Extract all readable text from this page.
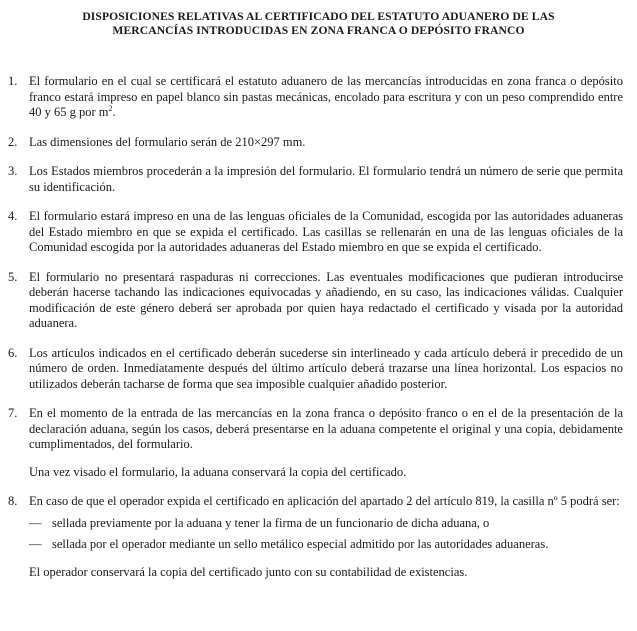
DISPOSICIONES RELATIVAS AL CERTIFICADO DEL ESTATUTO ADUANERO DE LAS
MERCANCÍAS INTRODUCIDAS EN ZONA FRANCA O DEPÓSITO FRANCO
1. El formulario en el cual se certificará el estatuto aduanero de las mercancías introducidas en zona franca o depósito franco estará impreso en papel blanco sin pastas mecánicas, encolado para escritura y con un peso comprendido entre 40 y 65 g por $m^2$.

2. Las dimensiones del formulario serán de 210×297 mm.

3. Los Estados miembros procederán a la impresión del formulario. El formulario tendrá un número de serie que permita su identificación.

4. El formulario estará impreso en una de las lenguas oficiales de la Comunidad, escogida por las autoridades aduaneras del Estado miembro en que se expida el certificado. Las casillas se rellenarán en una de las lenguas oficiales de la Comunidad escogida por la autoridades aduaneras del Estado miembro en que se expida el certificado.

5. El formulario no presentará raspaduras ni correcciones. Las eventuales modificaciones que pudieran introducirse deberán hacerse tachando las indicaciones equivocadas y añadiendo, en su caso, las indicaciones válidas. Cualquier modificación de este género deberá ser aprobada por quien haya redactado el certificado y visada por la autoridad aduanera.

6. Los artículos indicados en el certificado deberán sucederse sin interlineado y cada artículo deberá ir precedido de un número de orden. Inmediatamente después del último artículo deberá trazarse una línea horizontal. Los espacios no utilizados deberán tacharse de forma que sea imposible cualquier añadido posterior.

7. En el momento de la entrada de las mercancías en la zona franca o depósito franco o en el de la presentación de la declaración aduana, según los casos, deberá presentarse en la aduana competente el original y una copia, debidamente cumplimentados, del formulario.

Una vez visado el formulario, la aduana conservará la copia del certificado.

8. En caso de que el operador expida el certificado en aplicación del apartado 2 del artículo 819, la casilla nº 5 podrá ser:

— sellada previamente por la aduana y tener la firma de un funcionario de dicha aduana, o
— sellada por el operador mediante un sello metálico especial admitido por las autoridades aduaneras.

El operador conservará la copia del certificado junto con su contabilidad de existencias.
